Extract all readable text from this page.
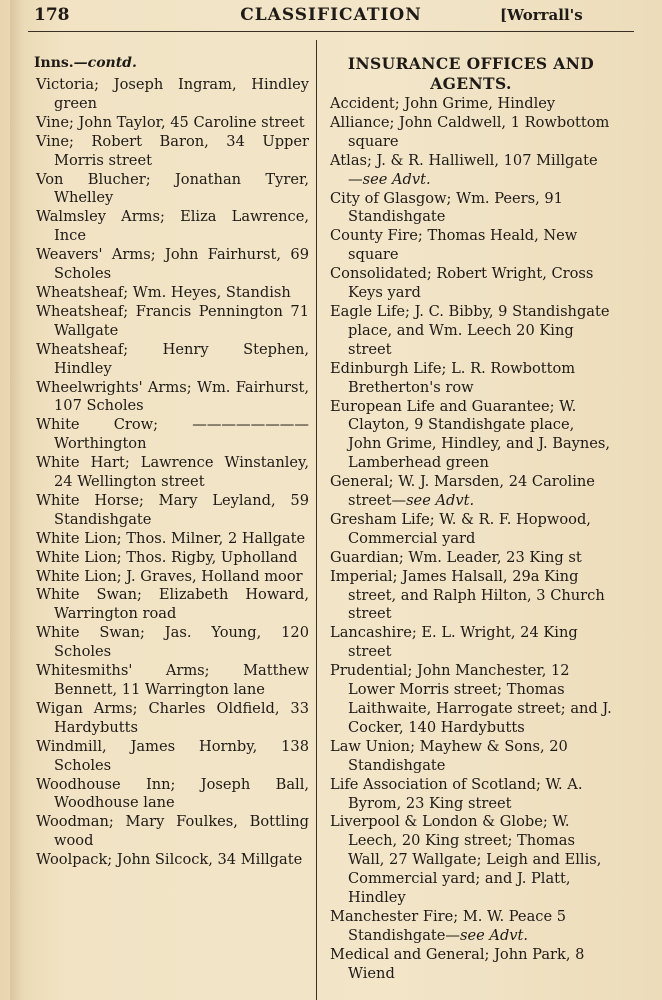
178	CLASSIFICATION	[Worrall's
Inns.—contd.
Victoria; Joseph Ingram, Hindley green
Vine; John Taylor, 45 Caroline street
Vine; Robert Baron, 34 Upper Morris street
Von Blucher; Jonathan Tyrer, Whelley
Walmsley Arms; Eliza Lawrence, Ince
Weavers' Arms; John Fairhurst, 69 Scholes
Wheatsheaf; Wm. Heyes, Standish
Wheatsheaf; Francis Pennington 71 Wallgate
Wheatsheaf; Henry Stephen, Hindley
Wheelwrights' Arms; Wm. Fairhurst, 107 Scholes
White Crow; ———————— Worthington
White Hart; Lawrence Winstanley, 24 Wellington street
White Horse; Mary Leyland, 59 Standishgate
White Lion; Thos. Milner, 2 Hallgate
White Lion; Thos. Rigby, Upholland
White Lion; J. Graves, Holland moor
White Swan; Elizabeth Howard, Warrington road
White Swan; Jas. Young, 120 Scholes
Whitesmiths' Arms; Matthew Bennett, 11 Warrington lane
Wigan Arms; Charles Oldfield, 33 Hardybutts
Windmill, James Hornby, 138 Scholes
Woodhouse Inn; Joseph Ball, Woodhouse lane
Woodman; Mary Foulkes, Bottling wood
Woolpack; John Silcock, 34 Millgate
INSURANCE OFFICES AND AGENTS.
Accident; John Grime, Hindley
Alliance; John Caldwell, 1 Rowbottom square
Atlas; J. & R. Halliwell, 107 Millgate—see Advt.
City of Glasgow; Wm. Peers, 91 Standishgate
County Fire; Thomas Heald, New square
Consolidated; Robert Wright, Cross Keys yard
Eagle Life; J. C. Bibby, 9 Standishgate place, and Wm. Leech 20 King street
Edinburgh Life; L. R. Rowbottom Bretherton's row
European Life and Guarantee; W. Clayton, 9 Standishgate place, John Grime, Hindley, and J. Baynes, Lamberhead green
General; W. J. Marsden, 24 Caroline street—see Advt.
Gresham Life; W. & R. F. Hopwood, Commercial yard
Guardian; Wm. Leader, 23 King st
Imperial; James Halsall, 29a King street, and Ralph Hilton, 3 Church street
Lancashire; E. L. Wright, 24 King street
Prudential; John Manchester, 12 Lower Morris street; Thomas Laithwaite, Harrogate street; and J. Cocker, 140 Hardybutts
Law Union; Mayhew & Sons, 20 Standishgate
Life Association of Scotland; W. A. Byrom, 23 King street
Liverpool & London & Globe; W. Leech, 20 King street; Thomas Wall, 27 Wallgate; Leigh and Ellis, Commercial yard; and J. Platt, Hindley
Manchester Fire; M. W. Peace 5 Standishgate—see Advt.
Medical and General; John Park, 8 Wiend
